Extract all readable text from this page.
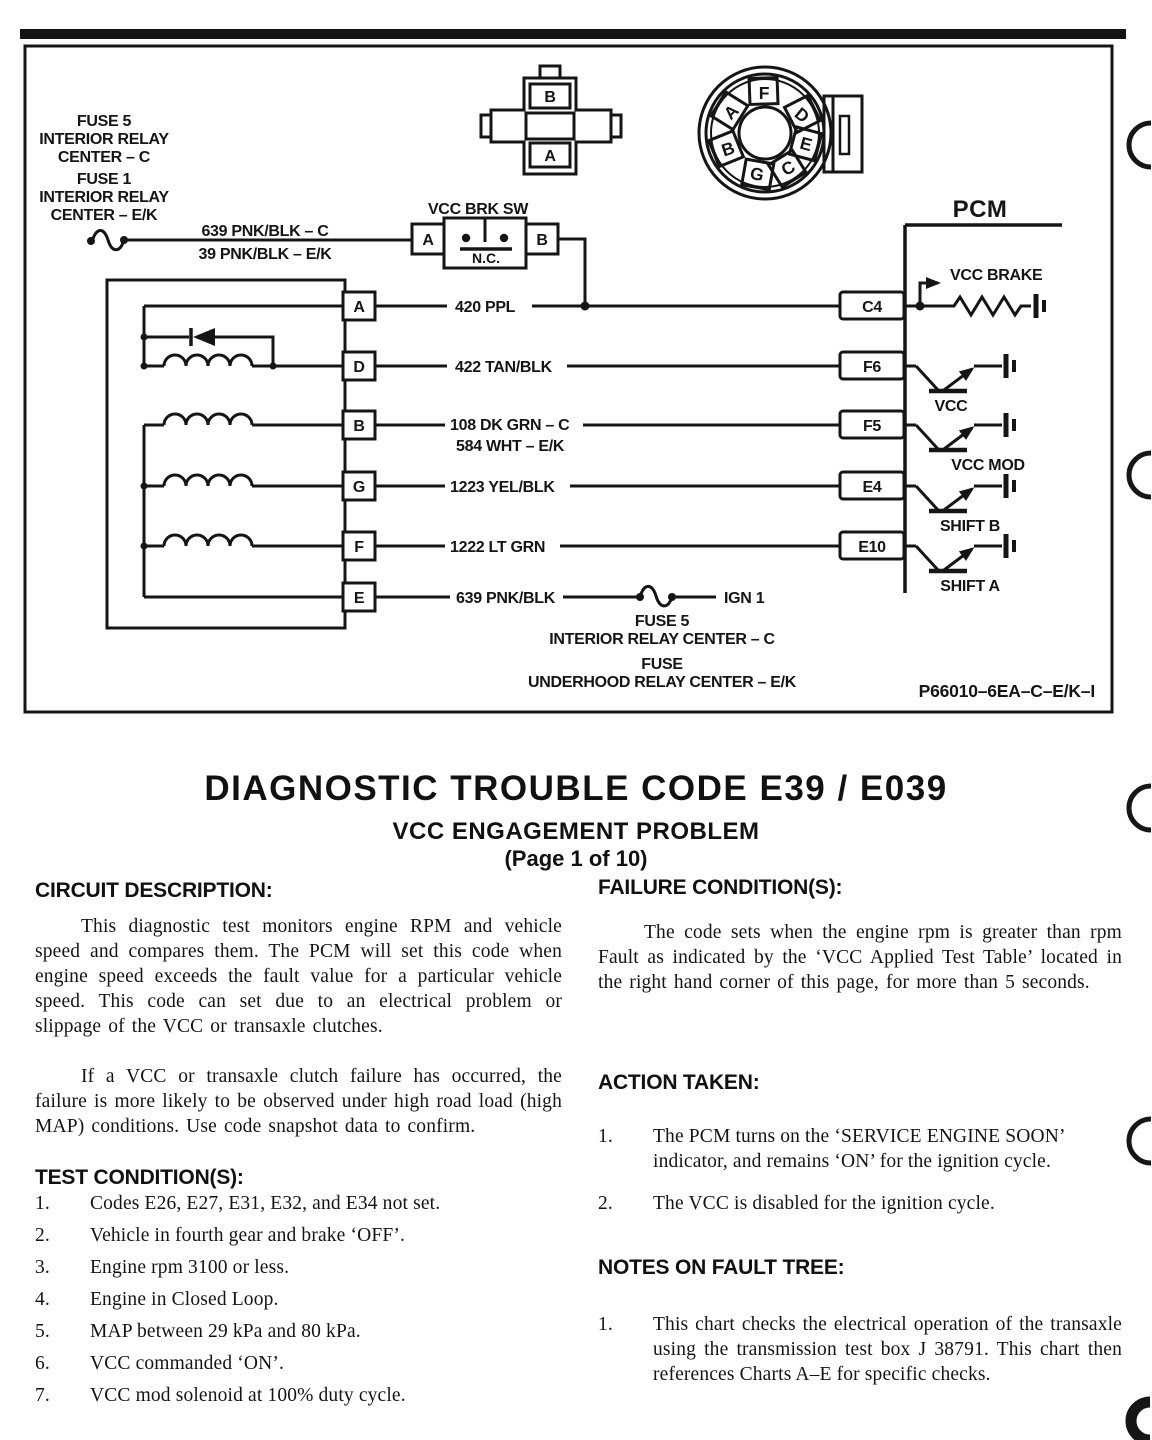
FUSE 5
INTERIOR RELAY
CENTER – C
FUSE 1
INTERIOR RELAY
CENTER – E/K
B
A
F
D
E
C
G
B
A
639 PNK/BLK – C
39 PNK/BLK – E/K
VCC BRK SW
A	B
N.C.
A
D
B
G
F
E
420 PPL
422 TAN/BLK
108 DK GRN – C
584 WHT – E/K
1223 YEL/BLK
1222 LT GRN
639 PNK/BLK	IGN 1
FUSE 5
INTERIOR RELAY CENTER – C
FUSE
UNDERHOOD RELAY CENTER – E/K	P66010–6EA–C–E/K–I
PCM
C4
F6
F5
E4
E10
VCC BRAKE
VCC
VCC MOD
SHIFT B
SHIFT A
DIAGNOSTIC TROUBLE CODE E39 / E039
VCC ENGAGEMENT PROBLEM
(Page 1 of 10)
CIRCUIT DESCRIPTION:
This diagnostic test monitors engine RPM and vehicle speed and compares them. The PCM will set this code when engine speed exceeds the fault value for a particular vehicle speed. This code can set due to an electrical problem or slippage of the VCC or transaxle clutches.
If a VCC or transaxle clutch failure has occurred, the failure is more likely to be observed under high road load (high MAP) conditions. Use code snapshot data to confirm.
TEST CONDITION(S):
1.	Codes E26, E27, E31, E32, and E34 not set.
2.	Vehicle in fourth gear and brake ‘OFF’.
3.	Engine rpm 3100 or less.
4.	Engine in Closed Loop.
5.	MAP between 29 kPa and 80 kPa.
6.	VCC commanded ‘ON’.
7.	VCC mod solenoid at 100% duty cycle.
FAILURE CONDITION(S):
The code sets when the engine rpm is greater than rpm Fault as indicated by the ‘VCC Applied Test Table’ located in the right hand corner of this page, for more than 5 seconds.
ACTION TAKEN:
1.	The PCM turns on the ‘SERVICE ENGINE SOON’ indicator, and remains ‘ON’ for the ignition cycle.
2.	The VCC is disabled for the ignition cycle.
NOTES ON FAULT TREE:
1.	This chart checks the electrical operation of the transaxle using the transmission test box J 38791. This chart then references Charts A–E for specific checks.
